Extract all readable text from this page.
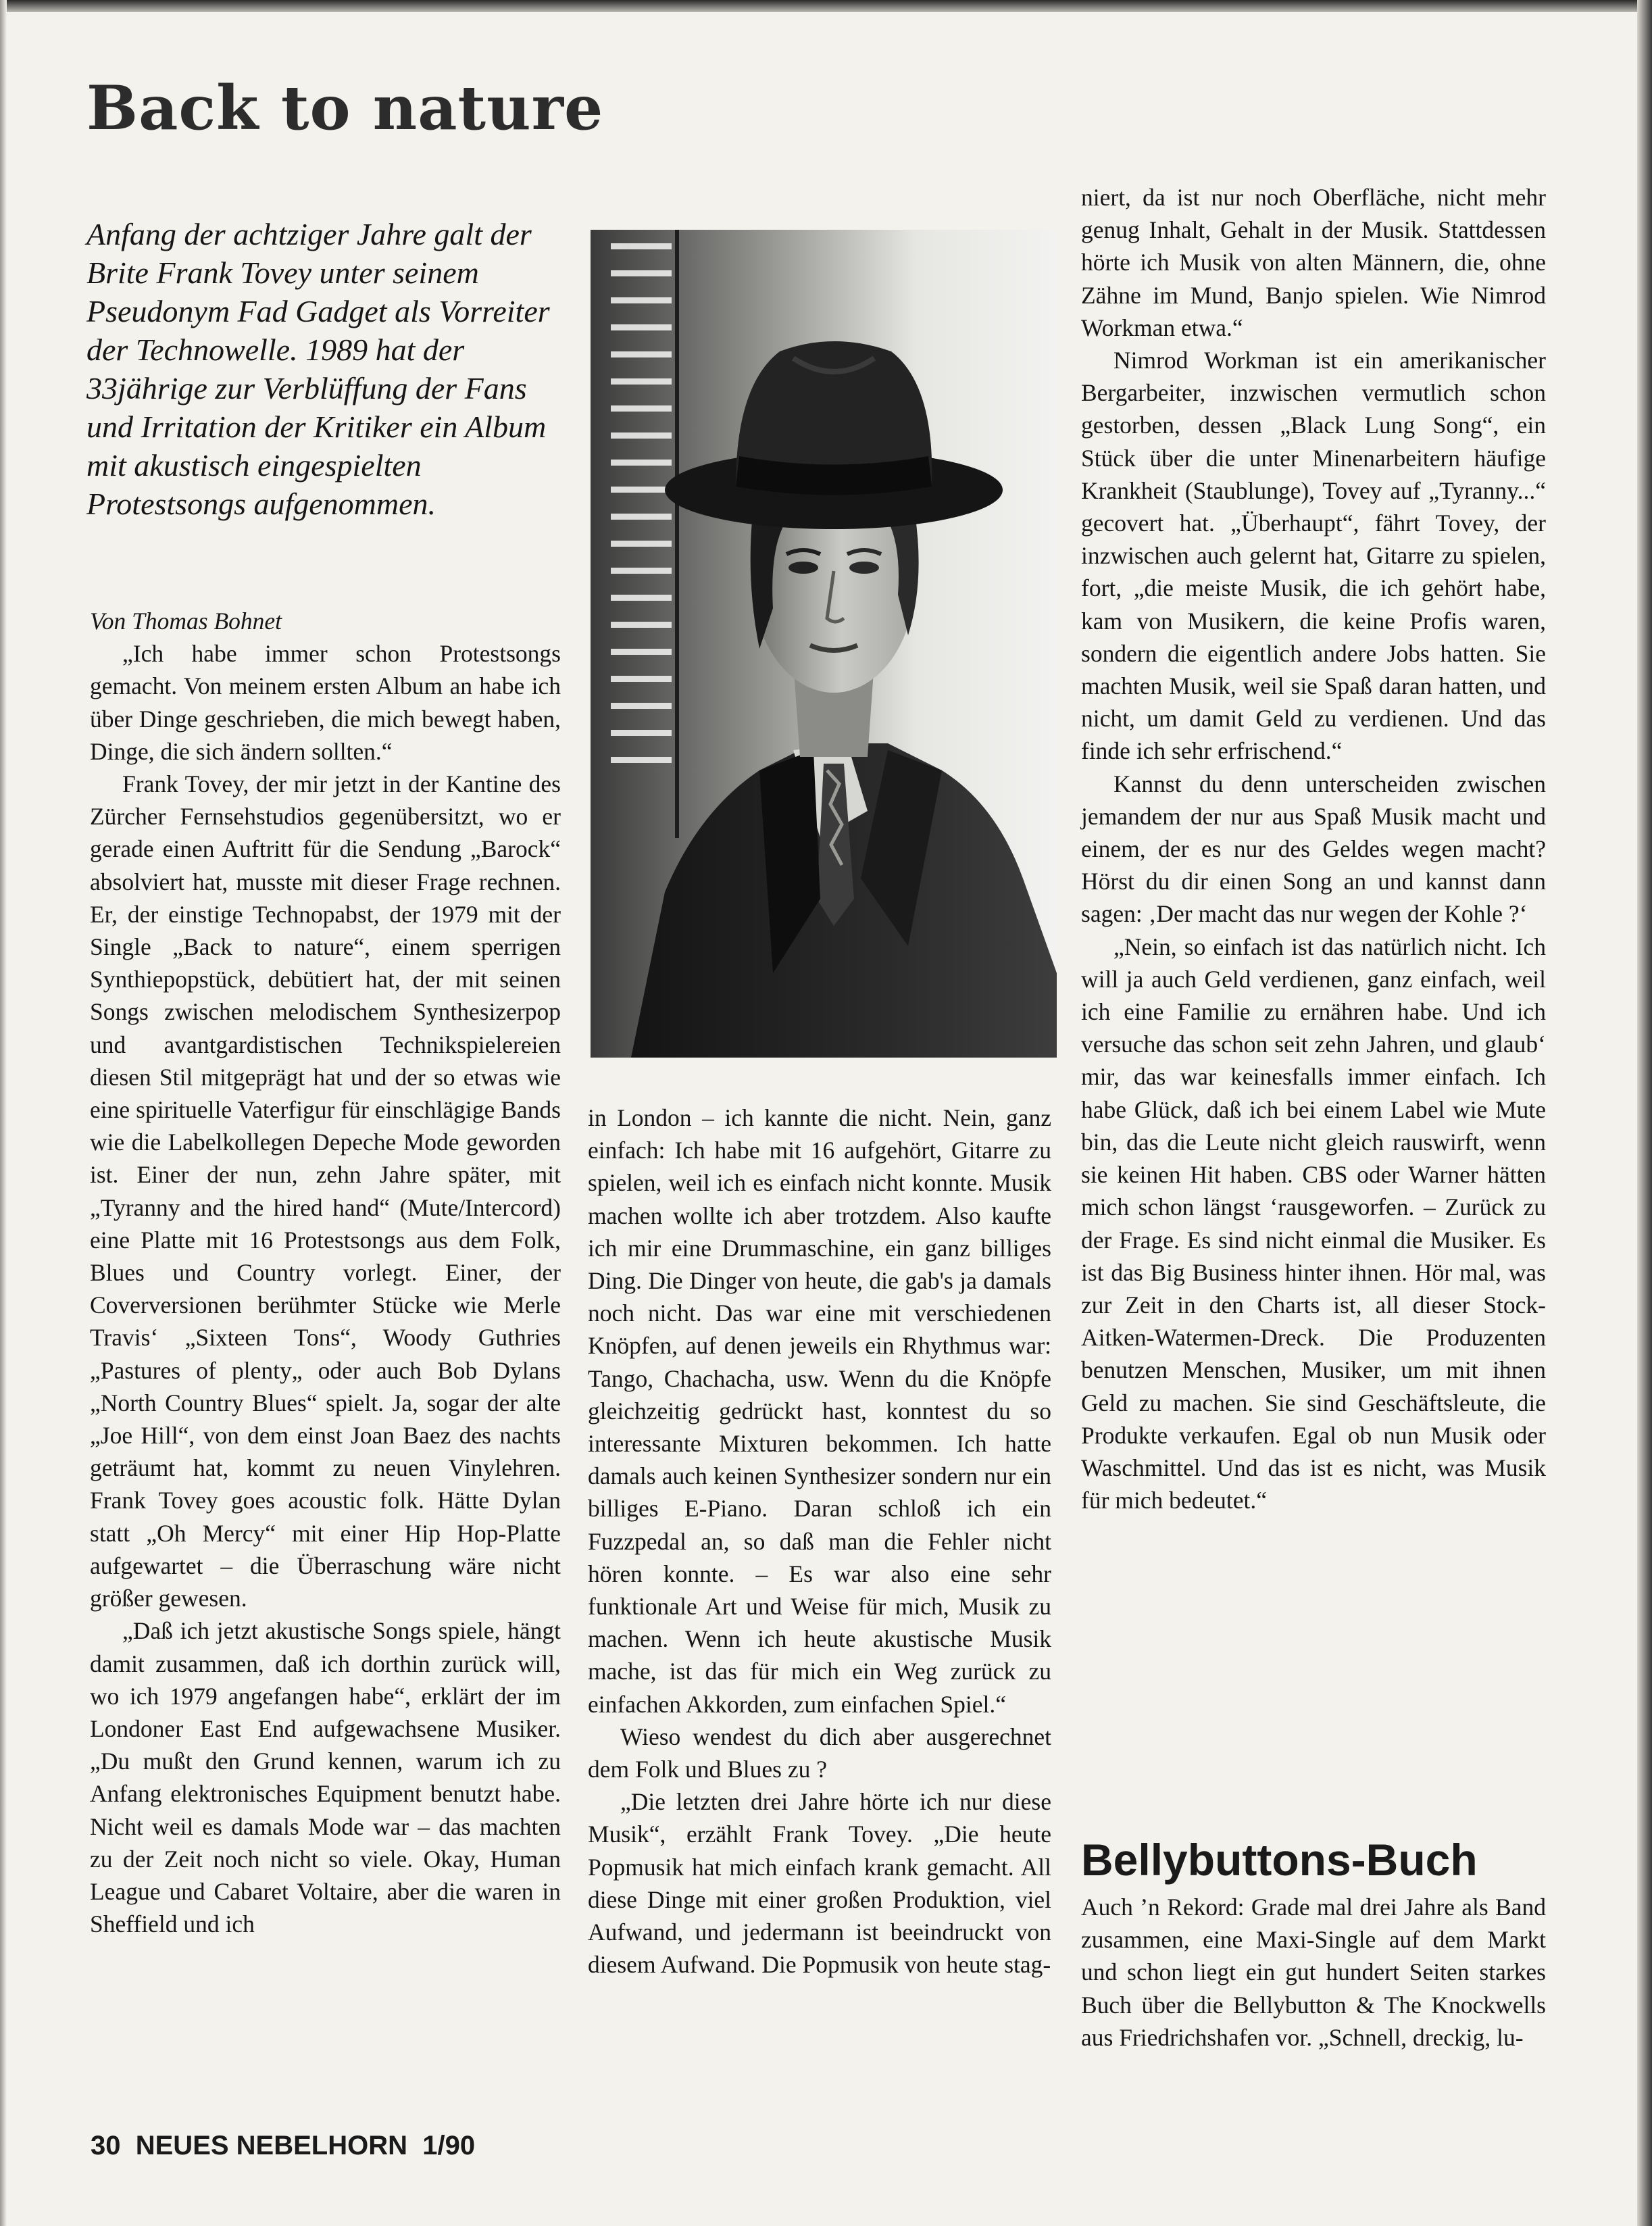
Back to nature

Anfang der achtziger Jahre galt der Brite Frank Tovey unter seinem Pseudonym Fad Gadget als Vorreiter der Technowelle. 1989 hat der 33jährige zur Verblüffung der Fans und Irritation der Kritiker ein Album mit akustisch eingespielten Protestsongs aufgenommen.

Von Thomas Bohnet

„Ich habe immer schon Protestsongs gemacht. Von meinem ersten Album an habe ich über Dinge geschrieben, die mich bewegt haben, Dinge, die sich ändern sollten.“

Frank Tovey, der mir jetzt in der Kantine des Zürcher Fernsehstudios gegenübersitzt, wo er gerade einen Auftritt für die Sendung „Barock“ absolviert hat, musste mit dieser Frage rechnen. Er, der einstige Technopabst, der 1979 mit der Single „Back to nature“, einem sperrigen Synthiepopstück, debütiert hat, der mit seinen Songs zwischen melodischem Synthesizerpop und avantgardistischen Technikspielereien diesen Stil mitgeprägt hat und der so etwas wie eine spirituelle Vaterfigur für einschlägige Bands wie die Labelkollegen Depeche Mode geworden ist. Einer der nun, zehn Jahre später, mit „Tyranny and the hired hand“ (Mute/Intercord) eine Platte mit 16 Protestsongs aus dem Folk, Blues und Country vorlegt. Einer, der Coverversionen berühmter Stücke wie Merle Travis‘ „Sixteen Tons“, Woody Guthries „Pastures of plenty„ oder auch Bob Dylans „North Country Blues“ spielt. Ja, sogar der alte „Joe Hill“, von dem einst Joan Baez des nachts geträumt hat, kommt zu neuen Vinylehren. Frank Tovey goes acoustic folk. Hätte Dylan statt „Oh Mercy“ mit einer Hip Hop-Platte aufgewartet – die Überraschung wäre nicht größer gewesen.

„Daß ich jetzt akustische Songs spiele, hängt damit zusammen, daß ich dorthin zurück will, wo ich 1979 angefangen habe“, erklärt der im Londoner East End aufgewachsene Musiker. „Du mußt den Grund kennen, warum ich zu Anfang elektronisches Equipment benutzt habe. Nicht weil es damals Mode war – das machten zu der Zeit noch nicht so viele. Okay, Human League und Cabaret Voltaire, aber die waren in Sheffield und ich

in London – ich kannte die nicht. Nein, ganz einfach: Ich habe mit 16 aufgehört, Gitarre zu spielen, weil ich es einfach nicht konnte. Musik machen wollte ich aber trotzdem. Also kaufte ich mir eine Drummaschine, ein ganz billiges Ding. Die Dinger von heute, die gab's ja damals noch nicht. Das war eine mit verschiedenen Knöpfen, auf denen jeweils ein Rhythmus war: Tango, Chachacha, usw. Wenn du die Knöpfe gleichzeitig gedrückt hast, konntest du so interessante Mixturen bekommen. Ich hatte damals auch keinen Synthesizer sondern nur ein billiges E-Piano. Daran schloß ich ein Fuzzpedal an, so daß man die Fehler nicht hören konnte. – Es war also eine sehr funktionale Art und Weise für mich, Musik zu machen. Wenn ich heute akustische Musik mache, ist das für mich ein Weg zurück zu einfachen Akkorden, zum einfachen Spiel.“

Wieso wendest du dich aber ausgerechnet dem Folk und Blues zu ?

„Die letzten drei Jahre hörte ich nur diese Musik“, erzählt Frank Tovey. „Die heute Popmusik hat mich einfach krank gemacht. All diese Dinge mit einer großen Produktion, viel Aufwand, und jedermann ist beeindruckt von diesem Aufwand. Die Popmusik von heute stag-

niert, da ist nur noch Oberfläche, nicht mehr genug Inhalt, Gehalt in der Musik. Stattdessen hörte ich Musik von alten Männern, die, ohne Zähne im Mund, Banjo spielen. Wie Nimrod Workman etwa.“

Nimrod Workman ist ein amerikanischer Bergarbeiter, inzwischen vermutlich schon gestorben, dessen „Black Lung Song“, ein Stück über die unter Minenarbeitern häufige Krankheit (Staublunge), Tovey auf „Tyranny...“ gecovert hat. „Überhaupt“, fährt Tovey, der inzwischen auch gelernt hat, Gitarre zu spielen, fort, „die meiste Musik, die ich gehört habe, kam von Musikern, die keine Profis waren, sondern die eigentlich andere Jobs hatten. Sie machten Musik, weil sie Spaß daran hatten, und nicht, um damit Geld zu verdienen. Und das finde ich sehr erfrischend.“

Kannst du denn unterscheiden zwischen jemandem der nur aus Spaß Musik macht und einem, der es nur des Geldes wegen macht? Hörst du dir einen Song an und kannst dann sagen: ‚Der macht das nur wegen der Kohle ?‘

„Nein, so einfach ist das natürlich nicht. Ich will ja auch Geld verdienen, ganz einfach, weil ich eine Familie zu ernähren habe. Und ich versuche das schon seit zehn Jahren, und glaub‘ mir, das war keinesfalls immer einfach. Ich habe Glück, daß ich bei einem Label wie Mute bin, das die Leute nicht gleich rauswirft, wenn sie keinen Hit haben. CBS oder Warner hätten mich schon längst ‘rausgeworfen. – Zurück zu der Frage. Es sind nicht einmal die Musiker. Es ist das Big Business hinter ihnen. Hör mal, was zur Zeit in den Charts ist, all dieser Stock-Aitken-Watermen-Dreck. Die Produzenten benutzen Menschen, Musiker, um mit ihnen Geld zu machen. Sie sind Geschäftsleute, die Produkte verkaufen. Egal ob nun Musik oder Waschmittel. Und das ist es nicht, was Musik für mich bedeutet.“

Bellybuttons-Buch

Auch ’n Rekord: Grade mal drei Jahre als Band zusammen, eine Maxi-Single auf dem Markt und schon liegt ein gut hundert Seiten starkes Buch über die Bellybutton & The Knockwells aus Friedrichshafen vor. „Schnell, dreckig, lu-

30 NEUES NEBELHORN 1/90
